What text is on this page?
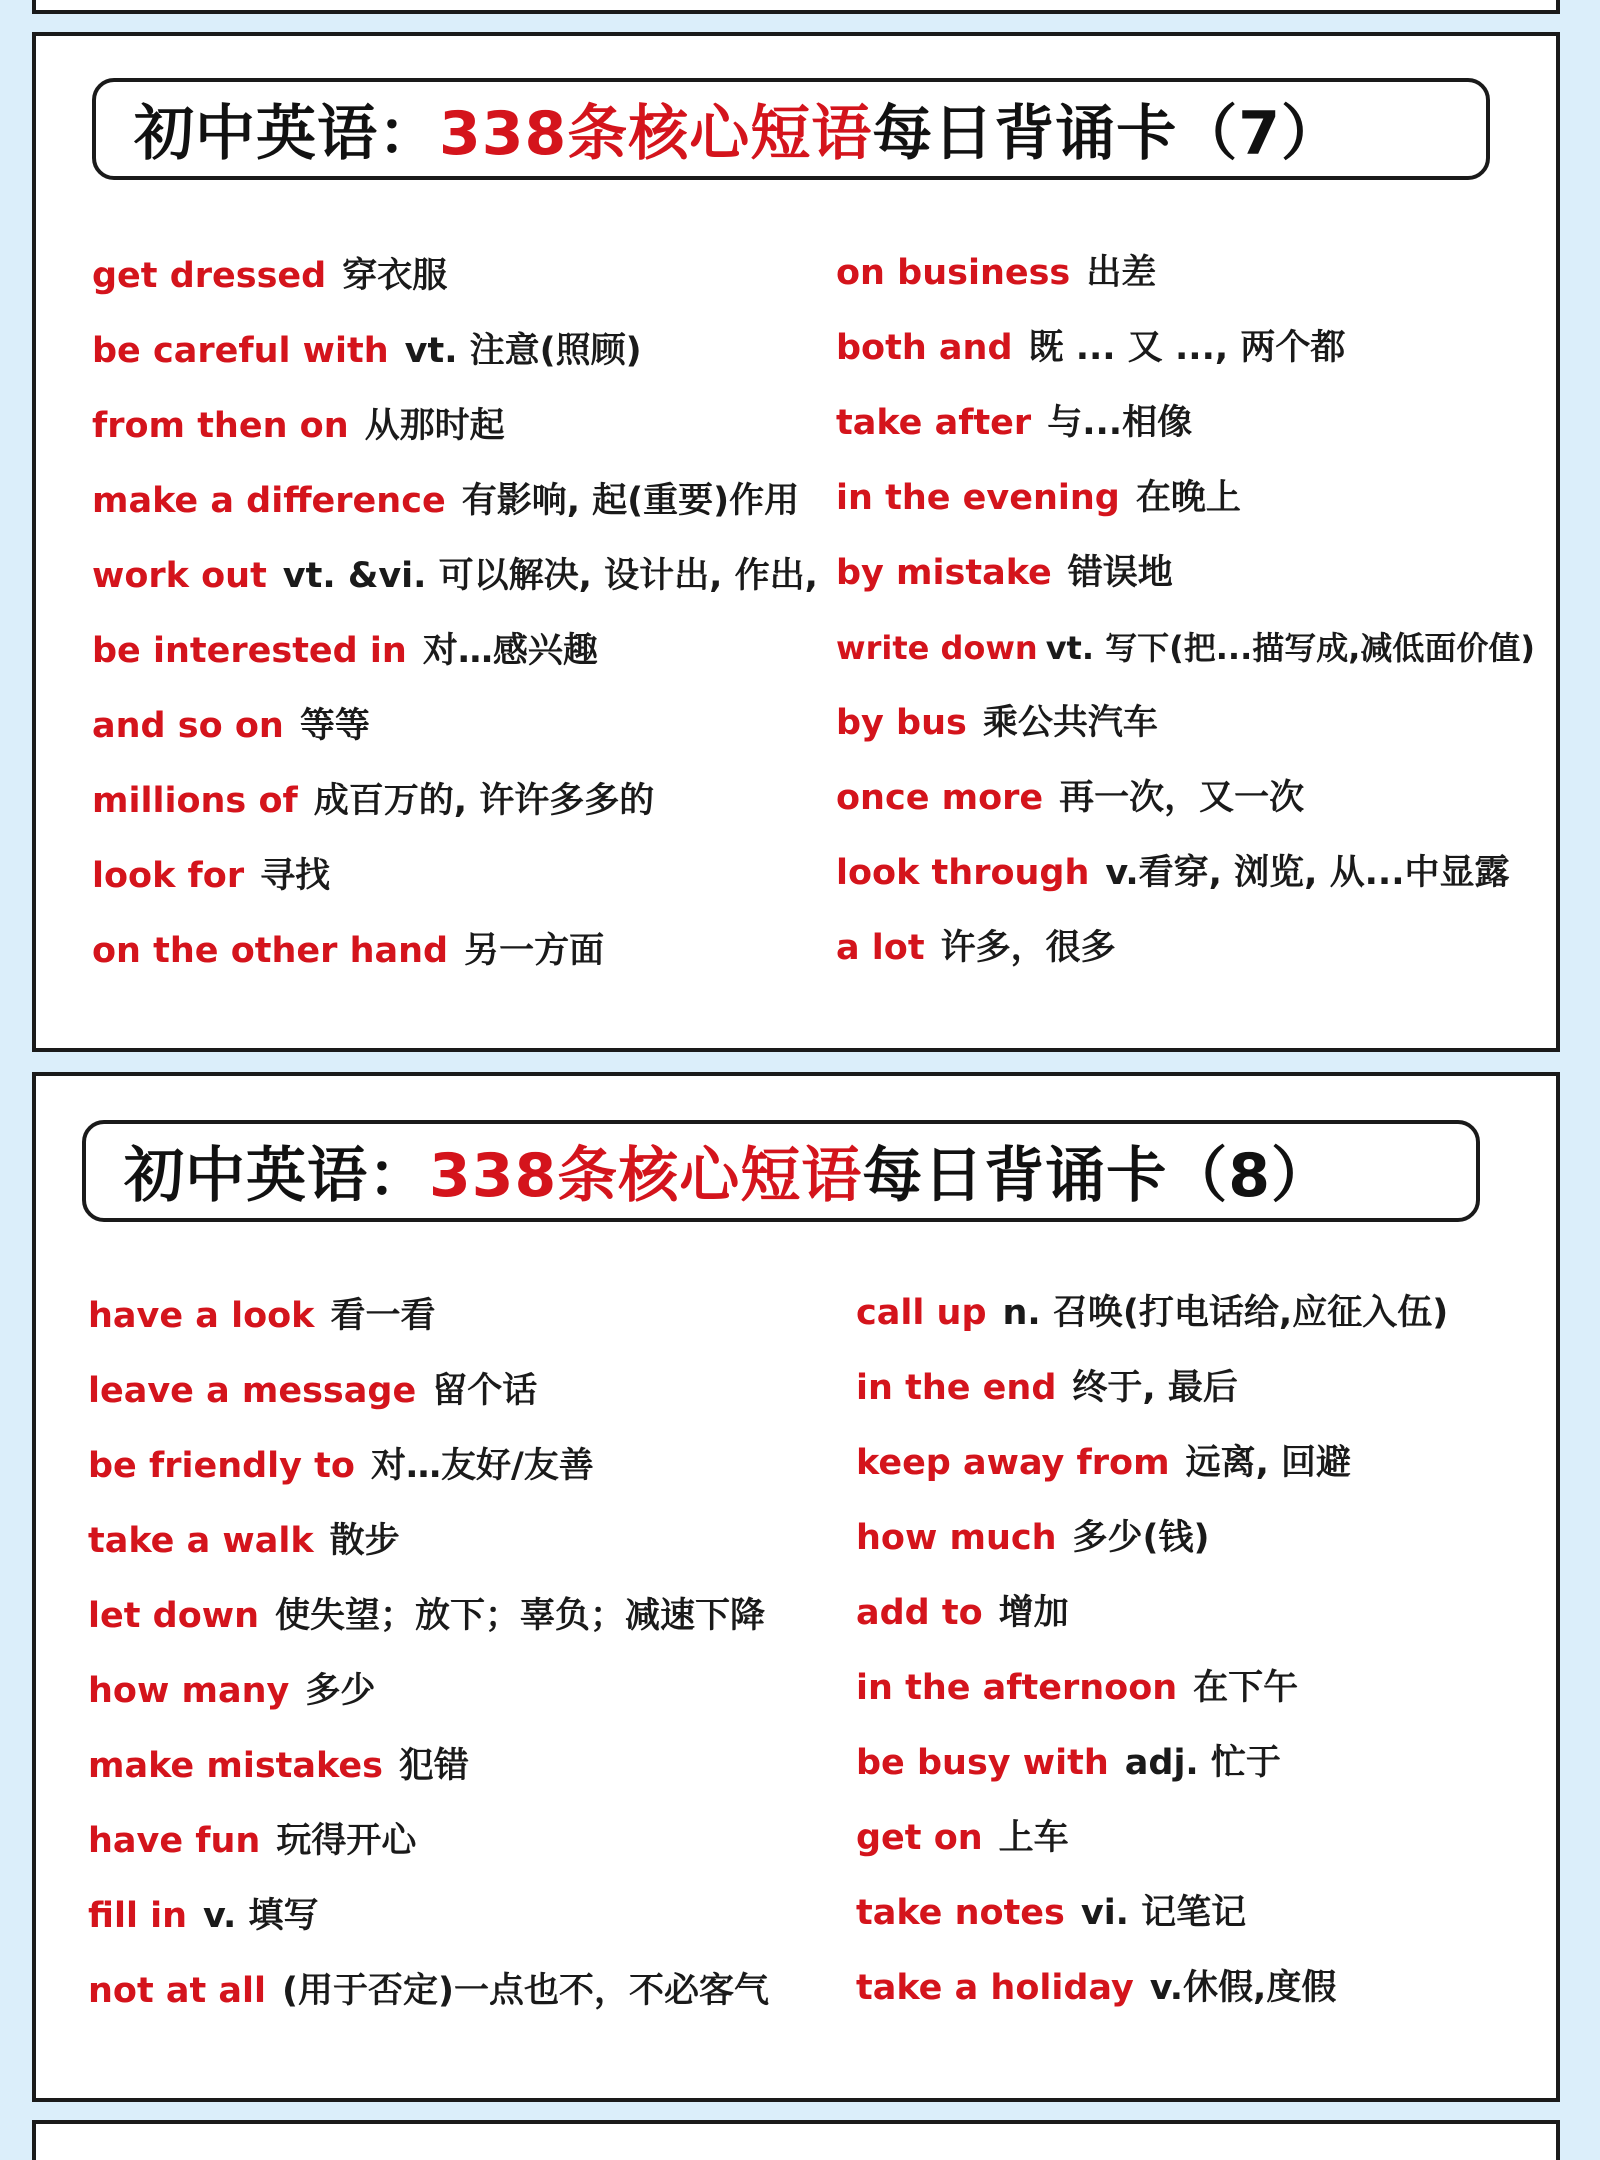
初中英语： 338条核心短语 每日背诵卡（7）
get dressed 穿衣服
be careful with vt. 注意(照顾)
from then on 从那时起
make a difference 有影响, 起(重要)作用
work out vt. &vi. 可以解决, 设计出, 作出,
be interested in 对…感兴趣
and so on 等等
millions of 成百万的, 许许多多的
look for 寻找
on the other hand 另一方面
on business 出差
both and 既 ... 又 ..., 两个都
take after 与...相像
in the evening 在晚上
by mistake 错误地
write down vt. 写下(把...描写成,减低面价值)
by bus 乘公共汽车
once more 再一次，又一次
look through v.看穿, 浏览, 从...中显露
a lot 许多，很多
初中英语： 338条核心短语 每日背诵卡（8）
have a look 看一看
leave a message 留个话
be friendly to 对…友好/友善
take a walk 散步
let down 使失望；放下；辜负；减速下降
how many 多少
make mistakes 犯错
have fun 玩得开心
fill in v. 填写
not at all (用于否定)一点也不，不必客气
call up n. 召唤(打电话给,应征入伍)
in the end 终于, 最后
keep away from 远离, 回避
how much 多少(钱)
add to 增加
in the afternoon 在下午
be busy with adj. 忙于
get on 上车
take notes vi. 记笔记
take a holiday v.休假,度假
